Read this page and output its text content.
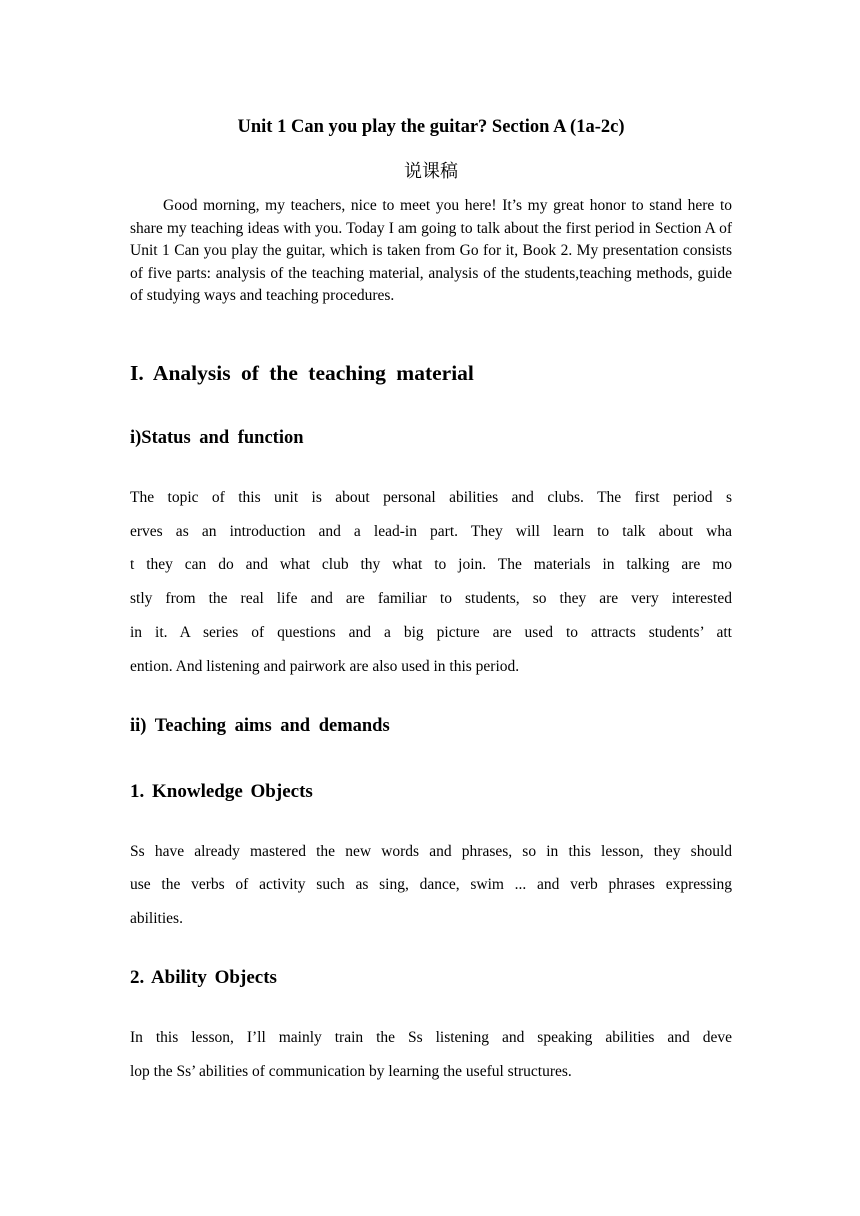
Unit 1 Can you play the guitar? Section A (1a-2c)

说课稿

Good morning, my teachers, nice to meet you here! It’s my great honor to stand here to share my teaching ideas with you. Today I am going to talk about the first period in Section A of Unit 1 Can you play the guitar, which is taken from Go for it, Book 2. My presentation consists of five parts: analysis of the teaching material, analysis of the students,teaching methods, guide of studying ways and teaching procedures.

I. Analysis of the teaching material
i)Status and function
The topic of this unit is about personal abilities and clubs. The first period s
erves as an introduction and a lead-in part. They will learn to talk about wha
t they can do and what club thy what to join. The materials in talking are mo
stly from the real life and are familiar to students, so they are very interested
in it. A series of questions and a big picture are used to attracts students’ att
ention. And listening and pairwork are also used in this period.
ii) Teaching aims and demands
1. Knowledge Objects
Ss have already mastered the new words and phrases, so in this lesson, they should
use the verbs of activity such as sing, dance, swim ... and verb phrases expressing
abilities.
2. Ability Objects
In this lesson, I’ll mainly train the Ss listening and speaking abilities and deve
lop the Ss’ abilities of communication by learning the useful structures.
